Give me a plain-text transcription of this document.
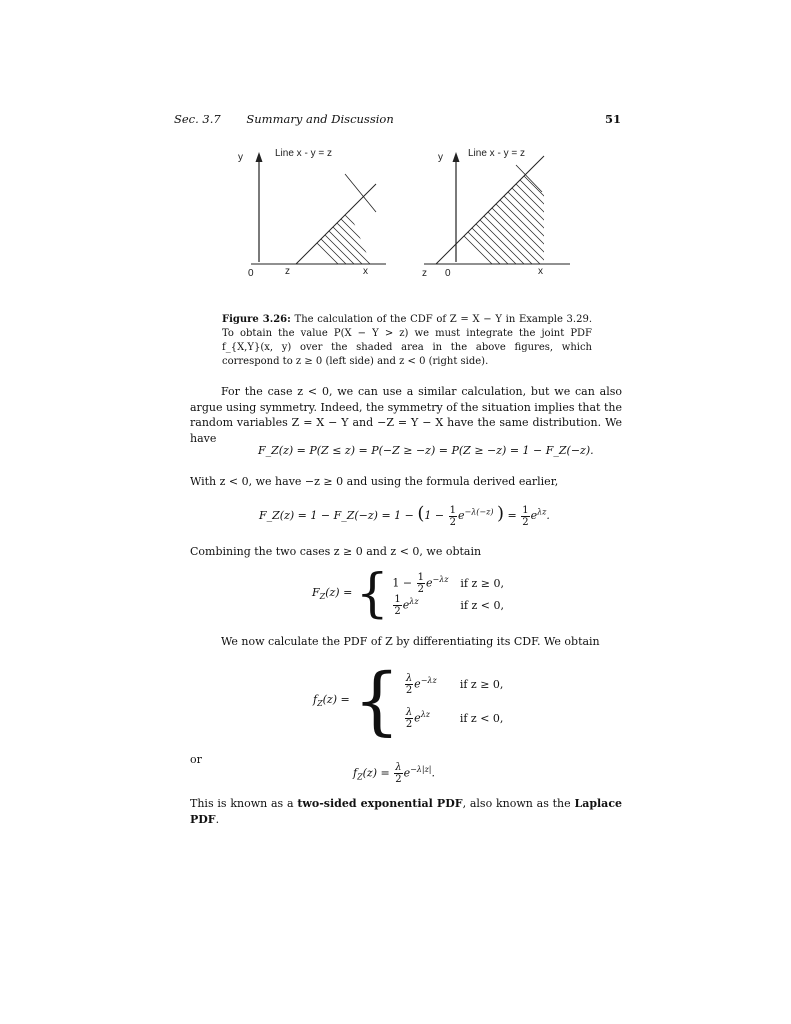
Sec. 3.7 Summary and Discussion	51
y	Line x - y = z
0	z	x
y	Line x - y = z
z 0	x
Figure 3.26: The calculation of the CDF of Z = X − Y in Example 3.29. To obtain the value P(X − Y > z) we must integrate the joint PDF f_{X,Y}(x, y) over the shaded area in the above figures, which correspond to z ≥ 0 (left side) and z < 0 (right side).
For the case z < 0, we can use a similar calculation, but we can also argue using symmetry. Indeed, the symmetry of the situation implies that the random variables Z = X − Y and −Z = Y − X have the same distribution. We have
F_Z(z) = P(Z ≤ z) = P(−Z ≥ −z) = P(Z ≥ −z) = 1 − F_Z(−z).
With z < 0, we have −z ≥ 0 and using the formula derived earlier,
F_Z(z) = 1 − F_Z(−z) = $1 - (1 - \frac{1}{2} e^{-\lambda(-z)}$ ) = $\frac{1}{2} e^{\lambda z}$.
Combining the two cases z ≥ 0 and z < 0, we obtain
$F_Z(z)$ = { $1 - \frac{1}{2} e^{-\lambda z}$	if z ≥ 0,
$\frac{1}{2} e^{\lambda z}$	if z < 0,
We now calculate the PDF of Z by differentiating its CDF. We obtain
$f_Z(z)$ = { $\frac{\lambda}{2} e^{-\lambda z}$	if z ≥ 0,
$\frac{\lambda}{2} e^{\lambda z}$	if z < 0,
or
$f_Z(z) = \frac{\lambda}{2} e^{-\lambda|z|}$.
This is known as a two-sided exponential PDF, also known as the Laplace PDF.
